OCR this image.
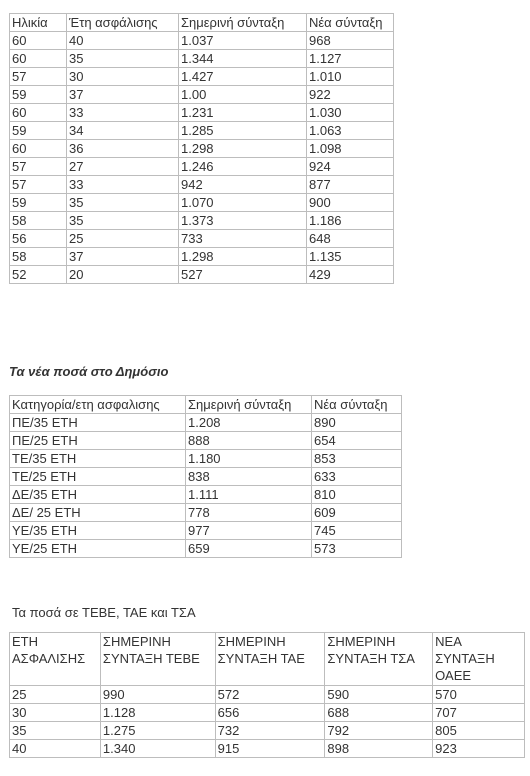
Ηλικία	Έτη ασφάλισης	Σημερινή σύνταξη	Νέα σύνταξη
60	40	1.037	968
60	35	1.344	1.127
57	30	1.427	1.010
59	37	1.00	922
60	33	1.231	1.030
59	34	1.285	1.063
60	36	1.298	1.098
57	27	1.246	924
57	33	942	877
59	35	1.070	900
58	35	1.373	1.186
56	25	733	648
58	37	1.298	1.135
52	20	527	429
Τα νέα ποσά στο Δημόσιο
Κατηγορία/ετη ασφαλισης	Σημερινή σύνταξη	Νέα σύνταξη
ΠΕ/35 ΕΤΗ	1.208	890
ΠΕ/25 ΕΤΗ	888	654
ΤΕ/35 ΕΤΗ	1.180	853
ΤΕ/25 ΕΤΗ	838	633
ΔΕ/35 ΕΤΗ	1.111	810
ΔΕ/ 25 ΕΤΗ	778	609
ΥΕ/35 ΕΤΗ	977	745
ΥΕ/25 ΕΤΗ	659	573
Τα ποσά σε ΤΕΒΕ, ΤΑΕ και ΤΣΑ
ΕΤΗ ΑΣΦΑΛΙΣΗΣ	ΣΗΜΕΡΙΝΗ ΣΥΝΤΑΞΗ ΤΕΒΕ	ΣΗΜΕΡΙΝΗ ΣΥΝΤΑΞΗ ΤΑΕ	ΣΗΜΕΡΙΝΗ ΣΥΝΤΑΞΗ ΤΣΑ	ΝΕΑ ΣΥΝΤΑΞΗ ΟΑΕΕ
25	990	572	590	570
30	1.128	656	688	707
35	1.275	732	792	805
40	1.340	915	898	923
